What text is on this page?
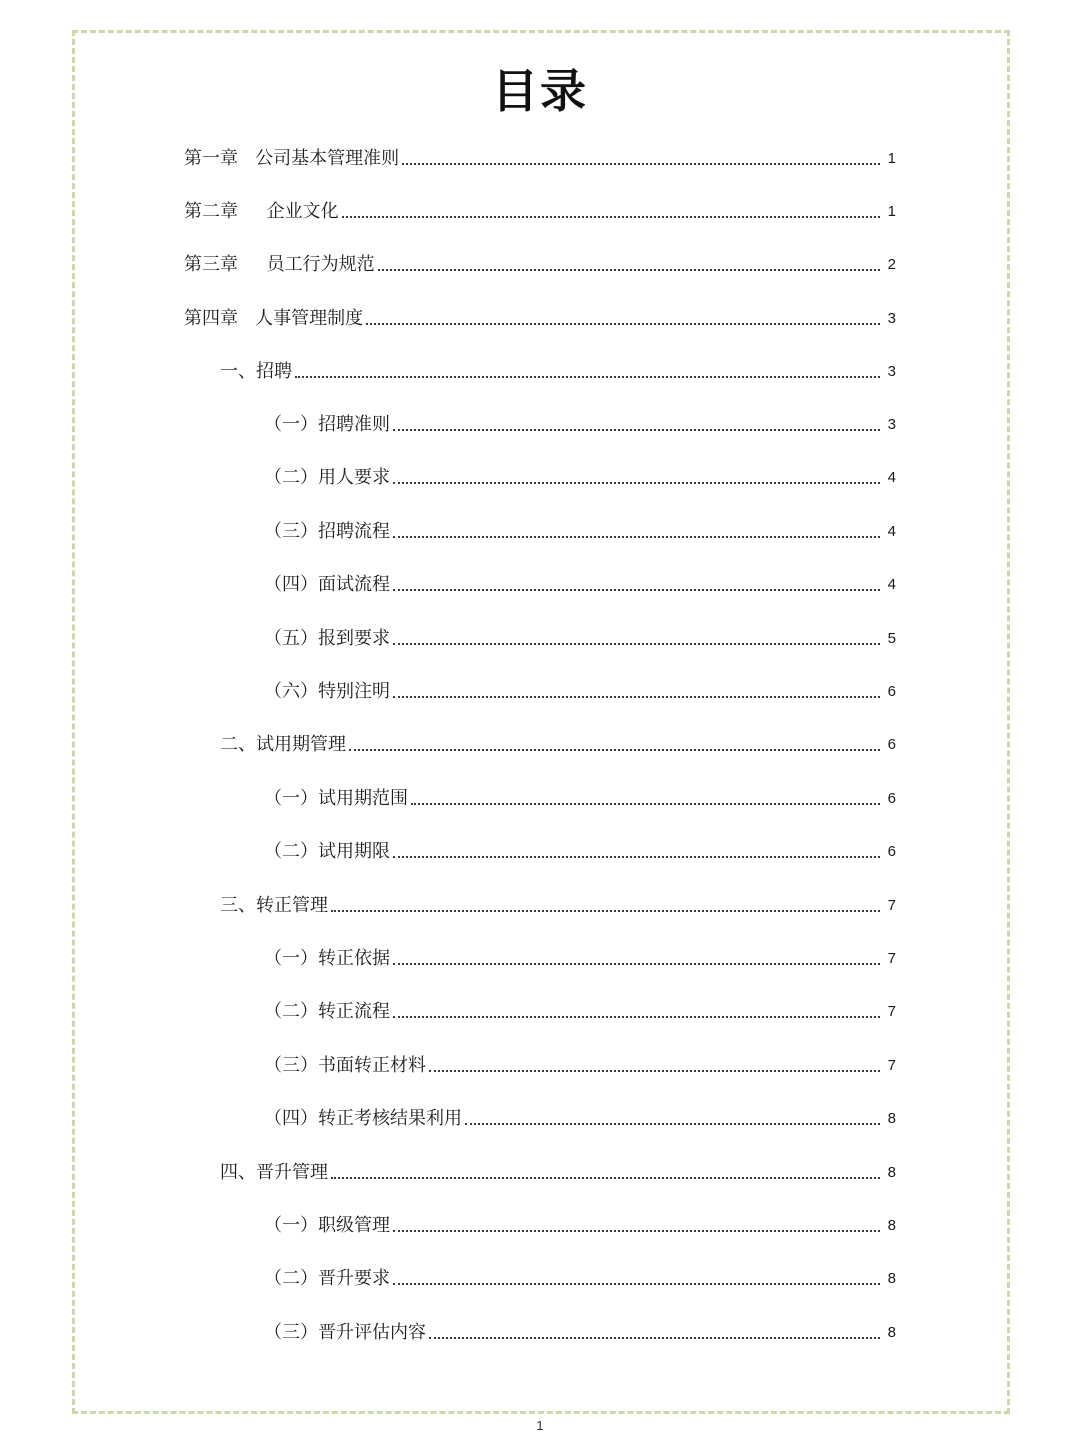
目录
第一章   公司基本管理准则	1
第二章     企业文化	1
第三章     员工行为规范	2
第四章   人事管理制度	3
一、招聘	3
（一）招聘准则	3
（二）用人要求	4
（三）招聘流程	4
（四）面试流程	4
（五）报到要求	5
（六）特别注明	6
二、试用期管理	6
（一）试用期范围	6
（二）试用期限	6
三、转正管理	7
（一）转正依据	7
（二）转正流程	7
（三）书面转正材料	7
（四）转正考核结果利用	8
四、晋升管理	8
（一）职级管理	8
（二）晋升要求	8
（三）晋升评估内容	8
1
